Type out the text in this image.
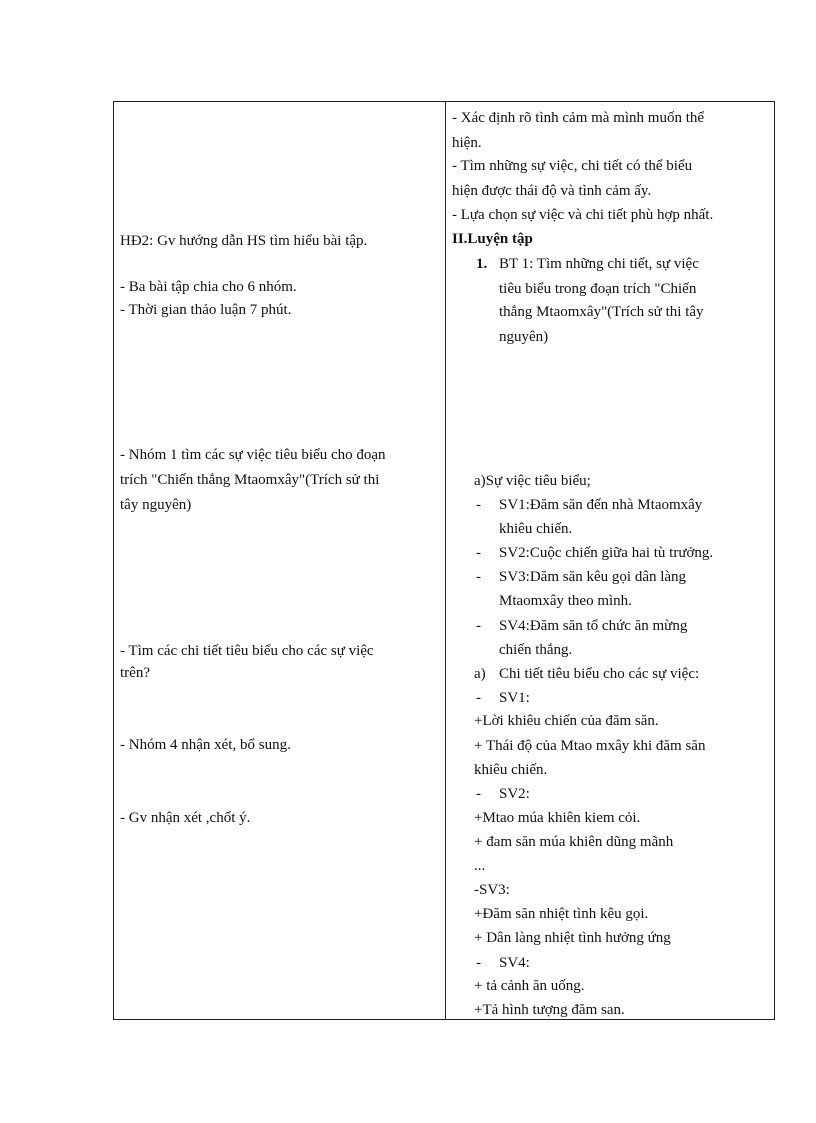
HĐ2: Gv hướng dẫn HS tìm hiểu bài tập.
- Ba bài tập chia cho 6 nhóm.
- Thời gian thảo luận 7 phút.
- Nhóm 1 tìm các sự việc tiêu biểu cho đoạn
trích "Chiến thắng Mtaomxây"(Trích sử thi
tây nguyên)
- Tìm các chi tiết tiêu biểu cho các sự việc
trên?
- Nhóm 4 nhận xét, bổ sung.
- Gv nhận xét ,chốt ý.
- Xác định rõ tình cảm mà mình muốn thể
hiện.
- Tìm những sự việc, chi tiết có thể biểu
hiện được thái độ và tình cảm ấy.
- Lựa chọn sự việc và chi tiết phù hợp nhất.
II.Luyện tập
1. BT 1: Tìm những chi tiết, sự việc
tiêu biểu trong đoạn trích "Chiến
thắng Mtaomxây"(Trích sử thi tây
nguyên)
a)Sự việc tiêu biểu;
- SV1:Đăm săn đến nhà Mtaomxây
khiêu chiến.
- SV2:Cuộc chiến giữa hai tù trưởng.
- SV3:Dăm săn kêu gọi dân làng
Mtaomxây theo mình.
- SV4:Đăm săn tổ chức ăn mừng
chiến thắng.
a) Chi tiết tiêu biểu cho các sự việc:
- SV1:
+Lời khiêu chiến của đăm săn.
+ Thái độ của Mtao mxây khi đăm săn
khiêu chiến.
- SV2:
+Mtao múa khiên kiem cỏi.
+ đam săn múa khiên dũng mãnh
...
-SV3:
+Đăm săn nhiệt tình kêu gọi.
+ Dân làng nhiệt tình hưởng ứng
- SV4:
+ tả cảnh ăn uống.
+Tả hình tượng đăm san.
